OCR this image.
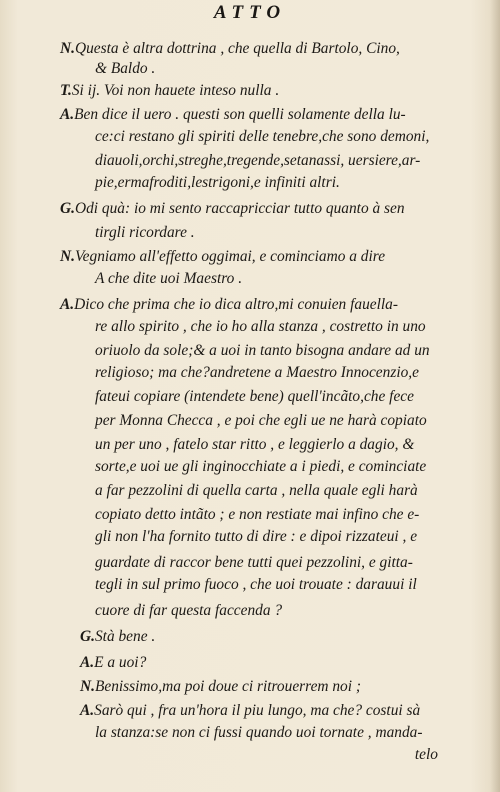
ATTO
N.Questa è altra dottrina , che quella di Bartolo, Cino,
& Baldo .
T.Si ij. Voi non hauete inteso nulla .
A.Ben dice il uero . questi son quelli solamente della lu-
ce:ci restano gli spiriti delle tenebre,che sono demoni,
diauoli,orchi,streghe,tregende,setanassi, uersiere,ar-
pie,ermafroditi,lestrigoni,e infiniti altri.
G.Odi quà: io mi sento raccapricciar tutto quanto à sen
tirgli ricordare .
N.Vegniamo all'effetto oggimai, e cominciamo a dire
A che dite uoi Maestro .
A.Dico che prima che io dica altro,mi conuien fauella-
re allo spirito , che io ho alla stanza , costretto in uno
oriuolo da sole;& a uoi in tanto bisogna andare ad un
religioso; ma che?andretene a Maestro Innocenzio,e
fateui copiare (intendete bene) quell'incãto,che fece
per Monna Checca , e poi che egli ue ne harà copiato
un per uno , fatelo star ritto , e leggierlo a dagio, &
sorte,e uoi ue gli inginocchiate a i piedi, e cominciate
a far pezzolini di quella carta , nella quale egli harà
copiato detto intãto ; e non restiate mai infino che e-
gli non l'ha fornito tutto di dire : e dipoi rizzateui , e
guardate di raccor bene tutti quei pezzolini, e gitta-
tegli in sul primo fuoco , che uoi trouate : darauui il
cuore di far questa faccenda ?
G.Stà bene .
A.E a uoi?
N.Benissimo,ma poi doue ci ritrouerrem noi ;
A.Sarò qui , fra un'hora il piu lungo, ma che? costui sà
la stanza:se non ci fussi quando uoi tornate , manda-
telo
